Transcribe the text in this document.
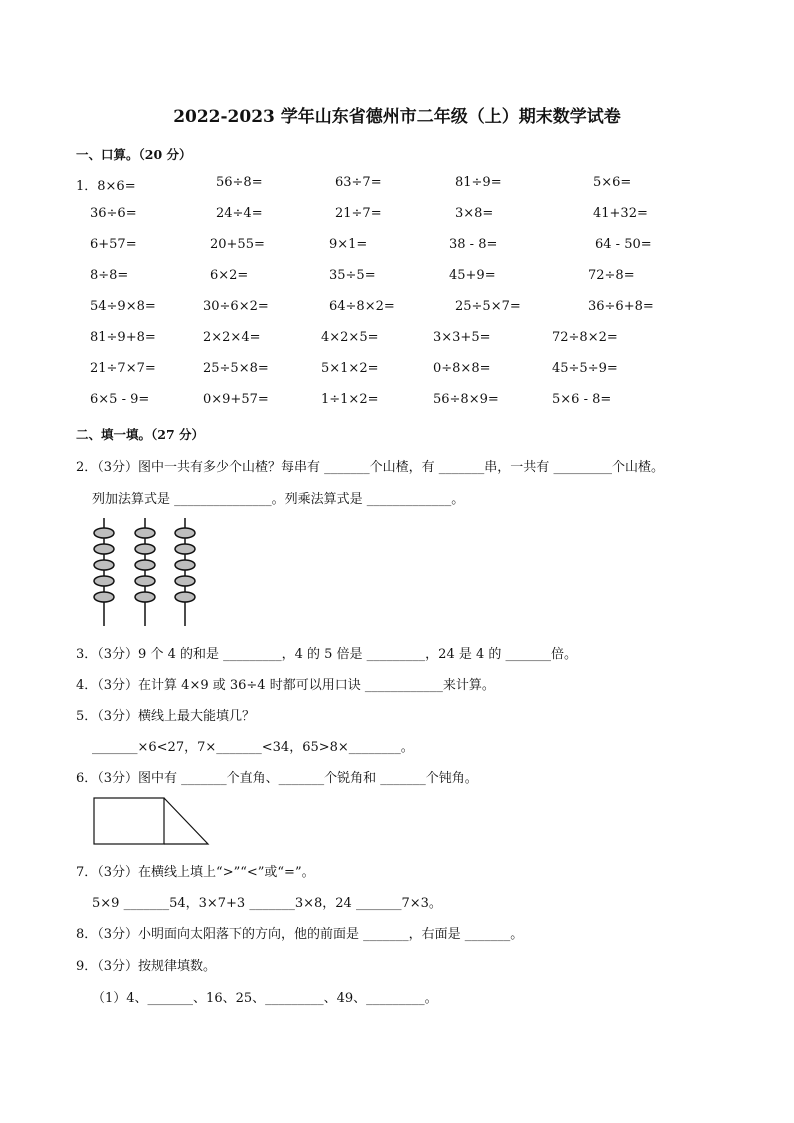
2022-2023 学年山东省德州市二年级（上）期末数学试卷
一、口算。（20 分）
1．8×6=	56÷8=	63÷7=	81÷9=	5×6=
36÷6=	24÷4=	21÷7=	3×8=	41+32=
6+57=	20+55=	9×1=	38 - 8=	64 - 50=
8÷8=	6×2=	35÷5=	45+9=	72÷8=
54÷9×8=	30÷6×2=	64÷8×2=	25÷5×7=	36÷6+8=
81÷9+8=	2×2×4=	4×2×5=	3×3+5=	72÷8×2=
21÷7×7=	25÷5×8=	5×1×2=	0÷8×8=	45÷5÷9=
6×5 - 9=	0×9+57=	1÷1×2=	56÷8×9=	5×6 - 8=
二、填一填。（27 分）
2．（3分）图中一共有多少个山楂？每串有 _______个山楂，有 _______串，一共有 _________个山楂。
列加法算式是 _______________。列乘法算式是 _____________。
3．（3分）9 个 4 的和是 _________，4 的 5 倍是 _________，24 是 4 的 _______倍。
4．（3分）在计算 4×9 或 36÷4 时都可以用口诀 ____________来计算。
5．（3分）横线上最大能填几？
_______×6<27，7×_______<34，65>8×________。
6．（3分）图中有 _______个直角、_______个锐角和 _______个钝角。
7．（3分）在横线上填上“>”“<”或“=”。
5×9 _______54，3×7+3 _______3×8，24 _______7×3。
8．（3分）小明面向太阳落下的方向，他的前面是 _______，右面是 _______。
9．（3分）按规律填数。
（1）4、_______、16、25、_________、49、_________。
